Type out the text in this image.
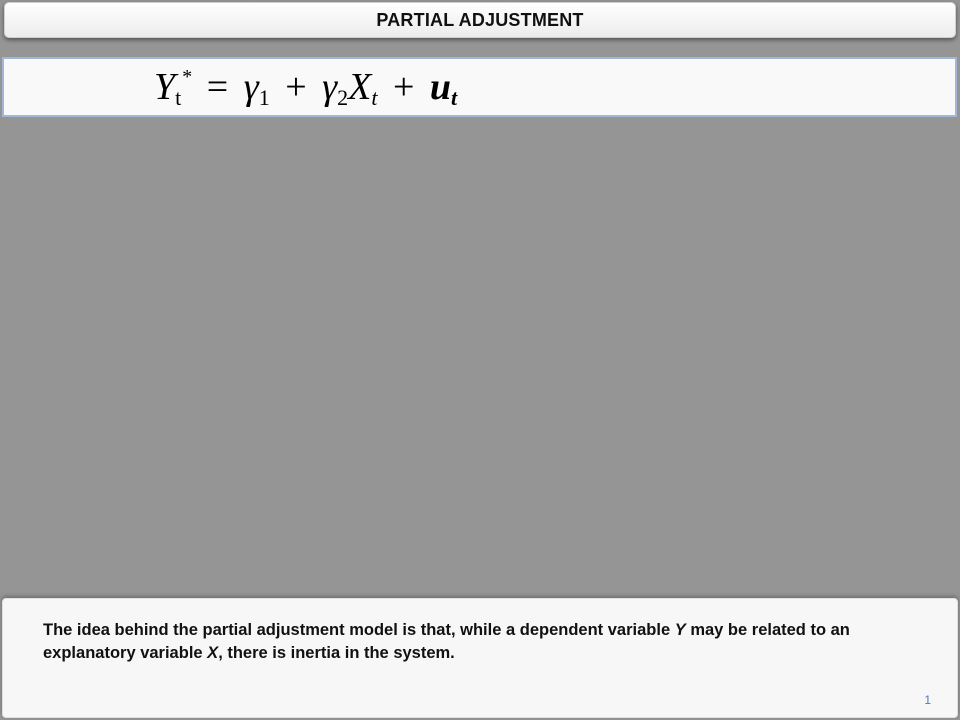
PARTIAL ADJUSTMENT
$Y_t^* = \gamma_1 + \gamma_2X_t + u_t$

The idea behind the partial adjustment model is that, while a dependent variable Y may be related to an explanatory variable X, there is inertia in the system.

1
